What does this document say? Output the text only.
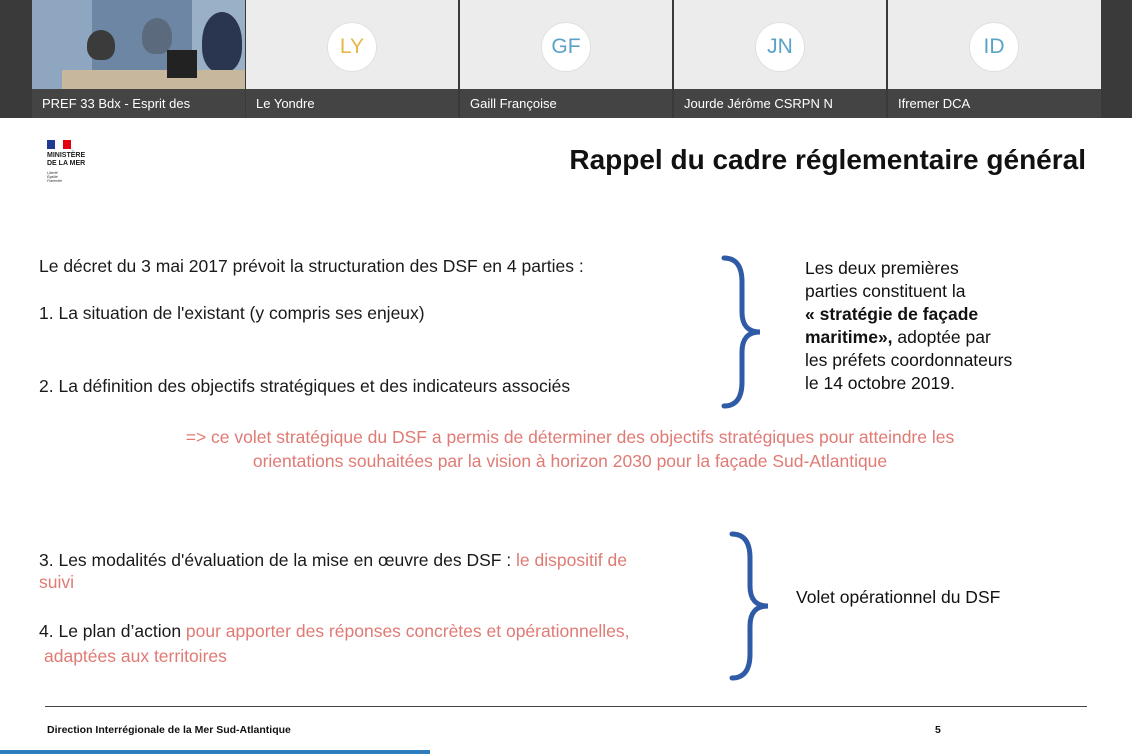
PREF 33 Bdx - Esprit des
LY
Le Yondre
GF
Gaill Françoise
JN
Jourde Jérôme CSRPN N
ID
Ifremer DCA
MINISTÈRE
DE LA MER
Liberté
Égalité
Fraternité
Rappel du cadre réglementaire général
Le décret du 3 mai 2017 prévoit la structuration des DSF en 4 parties :
1. La situation de l'existant (y compris ses enjeux)
2. La définition des objectifs stratégiques et des indicateurs associés
Les deux premières
parties constituent la
« stratégie de façade
maritime», adoptée par
les préfets coordonnateurs
le 14 octobre 2019.
=> ce volet stratégique du DSF a permis de déterminer des objectifs stratégiques pour atteindre les
orientations souhaitées par la vision à horizon 2030 pour la façade Sud-Atlantique
3. Les modalités d'évaluation de la mise en œuvre des DSF : le dispositif de
suivi
4. Le plan d’action pour apporter des réponses concrètes et opérationnelles,
adaptées aux territoires
Volet opérationnel du DSF
Direction Interrégionale de la Mer Sud-Atlantique	5
